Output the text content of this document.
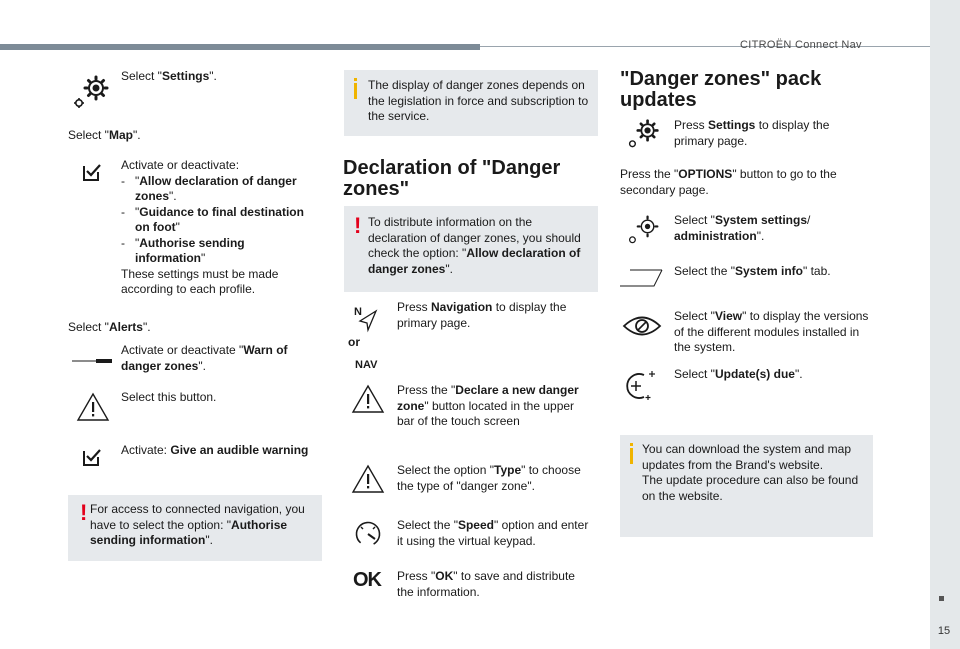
CITROËN Connect Nav
15
Select "Settings".
Select "Map".
Activate or deactivate:
- "Allow declaration of danger
zones".
- "Guidance to final destination
on foot"
- "Authorise sending
information"
These settings must be made
according to each profile.
Select "Alerts".
Activate or deactivate "Warn of
danger zones".
Select this button.
Activate: Give an audible warning
! For access to connected navigation, you
have to select the option: "Authorise
sending information".
The display of danger zones depends on
the legislation in force and subscription to
the service.
Declaration of "Danger
zones"
! To distribute information on the
declaration of danger zones, you should
check the option: "Allow declaration of
danger zones".
N
or
NAV
Press Navigation to display the
primary page.
Press the "Declare a new danger
zone" button located in the upper
bar of the touch screen
Select the option "Type" to choose
the type of "danger zone".
Select the "Speed" option and enter
it using the virtual keypad.
OK Press "OK" to save and distribute
the information.
"Danger zones" pack
updates
Press Settings to display the
primary page.
Press the "OPTIONS" button to go to the
secondary page.
Select "System settings/
administration".
Select the "System info" tab.
Select "View" to display the versions
of the different modules installed in
the system.
Select "Update(s) due".
You can download the system and map
updates from the Brand's website.
The update procedure can also be found
on the website.
